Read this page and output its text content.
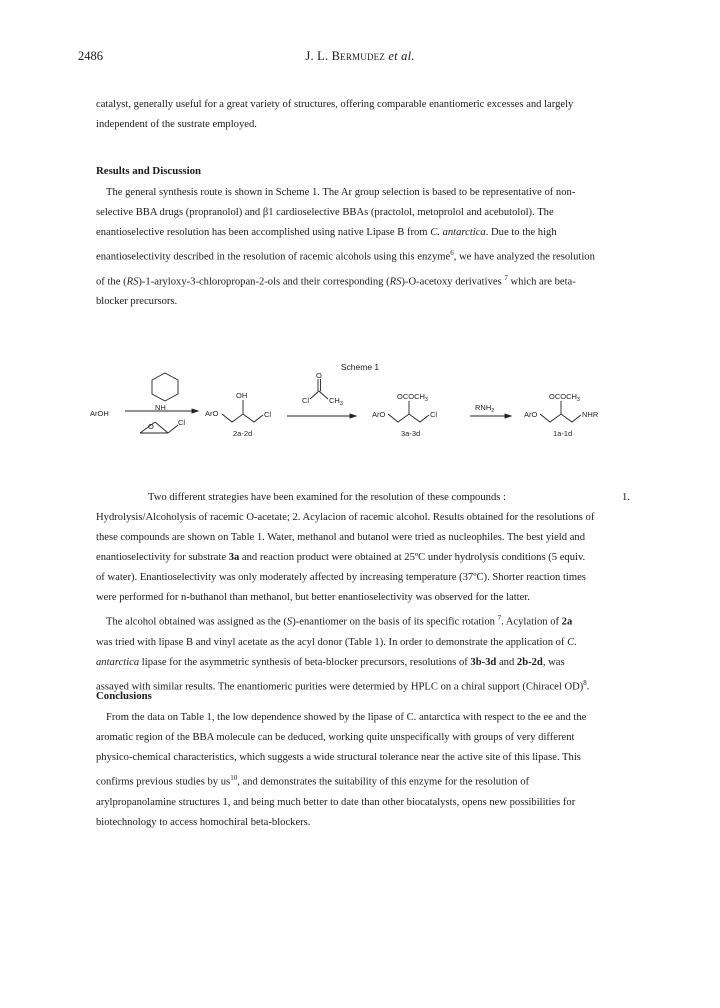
2486	J. L. Bermudez et al.

catalyst, generally useful for a great variety of structures, offering comparable enantiomeric excesses and largely

independent of the sustrate employed.

Results and Discussion

The general synthesis route is shown in Scheme 1. The Ar group selection is based to be representative of non-

selective BBA drugs (propranolol) and β1 cardioselective BBAs (practolol, metoprolol and acebutolol). The

enantioselective resolution has been accomplished using native Lipase B from C. antarctica. Due to the high

enantioselectivity described in the resolution of racemic alcohols using this enzyme$^6$, we have analyzed the resolution

of the (RS)-1-aryloxy-3-chloropropan-2-ols and their corresponding (RS)-O-acetoxy derivatives $^7$ which are beta-

blocker precursors.

Scheme 1
ArOH
NH
O	Cl
OH
ArO	Cl
2a-2d
O
Cl	$CH_3$
$OCOCH_3$
ArO	Cl
3a-3d
$RNH_2$
$OCOCH_3$
ArO	NHR
1a-1d

Two different strategies have been examined for the resolution of these compounds :	1.

Hydrolysis/Alcoholysis of racemic O-acetate; 2. Acylacion of racemic alcohol. Results obtained for the resolutions of

these compounds are shown on Table 1. Water, methanol and butanol were tried as nucleophiles. The best yield and

enantioselectivity for substrate 3a and reaction product were obtained at 25ºC under hydrolysis conditions (5 equiv.

of water). Enantioselectivity was only moderately affected by increasing temperature (37ºC). Shorter reaction times

were performed for n-buthanol than methanol, but better enantioselectivity was observed for the latter.

The alcohol obtained was assigned as the (S)-enantiomer on the basis of its specific rotation $^7$. Acylation of 2a

was tried with lipase B and vinyl acetate as the acyl donor (Table 1). In order to demonstrate the application of C.

antarctica lipase for the asymmetric synthesis of beta-blocker precursors, resolutions of 3b-3d and 2b-2d, was

assayed with similar results. The enantiomeric purities were determied by HPLC on a chiral support (Chiracel OD)$^8$.

Conclusions

From the data on Table 1, the low dependence showed by the lipase of C. antarctica with respect to the ee and the

aromatic region of the BBA molecule can be deduced, working quite unspecifically with groups of very different

physico-chemical characteristics, which suggests a wide structural tolerance near the active site of this lipase. This

confirms previous studies by $us^{10}$, and demonstrates the suitability of this enzyme for the resolution of

arylpropanolamine structures 1, and being much better to date than other biocatalysts, opens new possibilities for

biotechnology to access homochiral beta-blockers.
